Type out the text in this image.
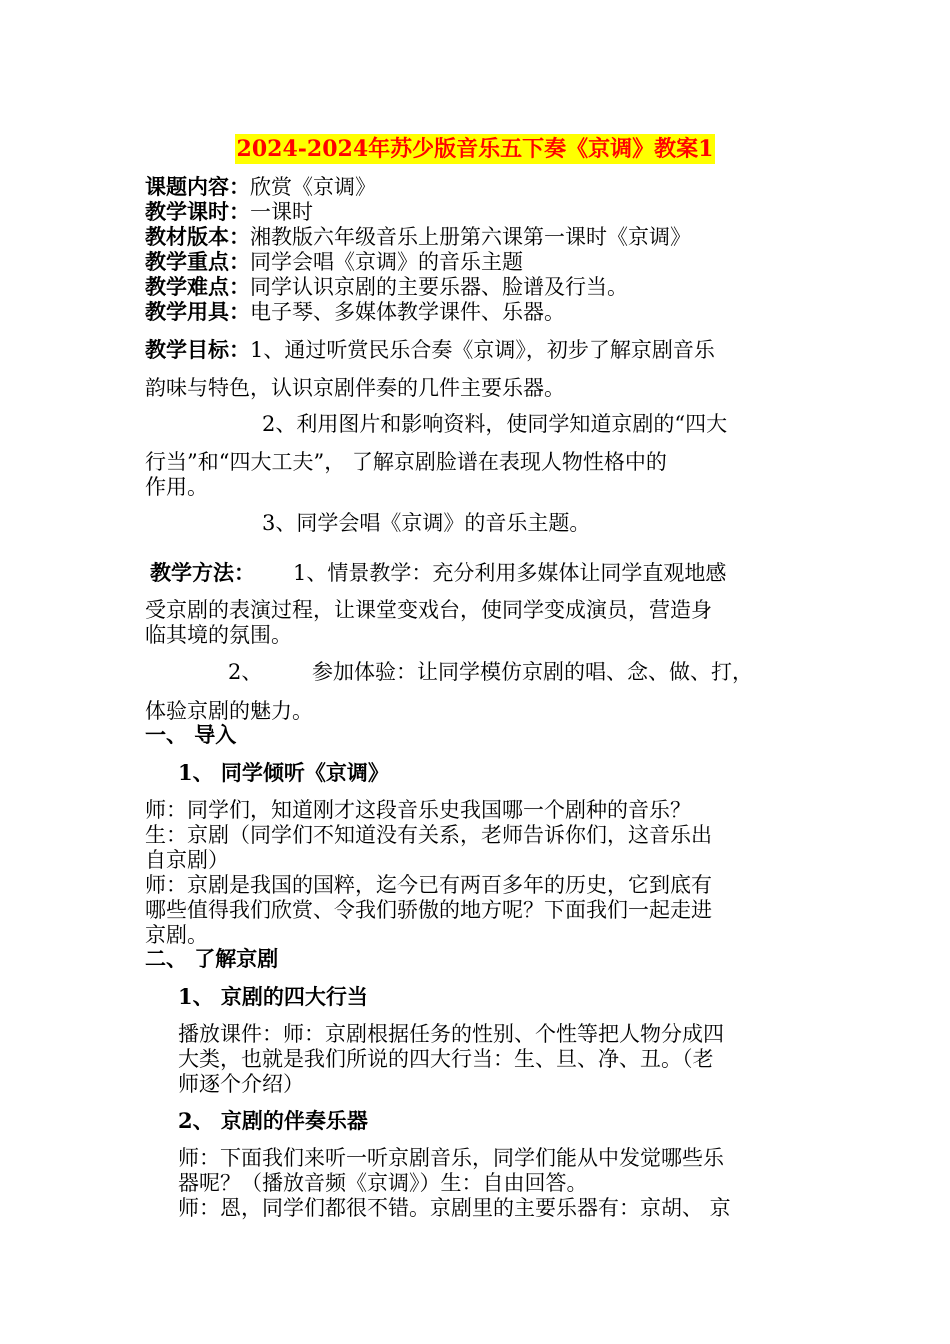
2024-2024年苏少版音乐五下奏《京调》教案1
课题内容：欣赏《京调》
教学课时：一课时
教材版本：湘教版六年级音乐上册第六课第一课时《京调》
教学重点：同学会唱《京调》的音乐主题
教学难点：同学认识京剧的主要乐器、脸谱及行当。
教学用具：电子琴、多媒体教学课件、乐器。
教学目标：1、通过听赏民乐合奏《京调》，初步了解京剧音乐
韵味与特色，认识京剧伴奏的几件主要乐器。
2、利用图片和影响资料，使同学知道京剧的“四大
行当”和“四大工夫”， 了解京剧脸谱在表现人物性格中的
作用。
3、同学会唱《京调》的音乐主题。
教学方法： 1、情景教学：充分利用多媒体让同学直观地感
受京剧的表演过程，让课堂变戏台，使同学变成演员，营造身
临其境的氛围。
2、 参加体验：让同学模仿京剧的唱、念、做、打，
体验京剧的魅力。
一、 导入
1、 同学倾听《京调》
师：同学们，知道刚才这段音乐史我国哪一个剧种的音乐？
生：京剧（同学们不知道没有关系，老师告诉你们，这音乐出
自京剧）
师：京剧是我国的国粹，迄今已有两百多年的历史，它到底有
哪些值得我们欣赏、令我们骄傲的地方呢？下面我们一起走进
京剧。
二、 了解京剧
1、 京剧的四大行当
播放课件：师：京剧根据任务的性别、个性等把人物分成四
大类，也就是我们所说的四大行当：生、旦、净、丑。（老
师逐个介绍）
2、 京剧的伴奏乐器
师：下面我们来听一听京剧音乐，同学们能从中发觉哪些乐
器呢？（播放音频《京调》）生：自由回答。
师：恩，同学们都很不错。京剧里的主要乐器有：京胡、 京
